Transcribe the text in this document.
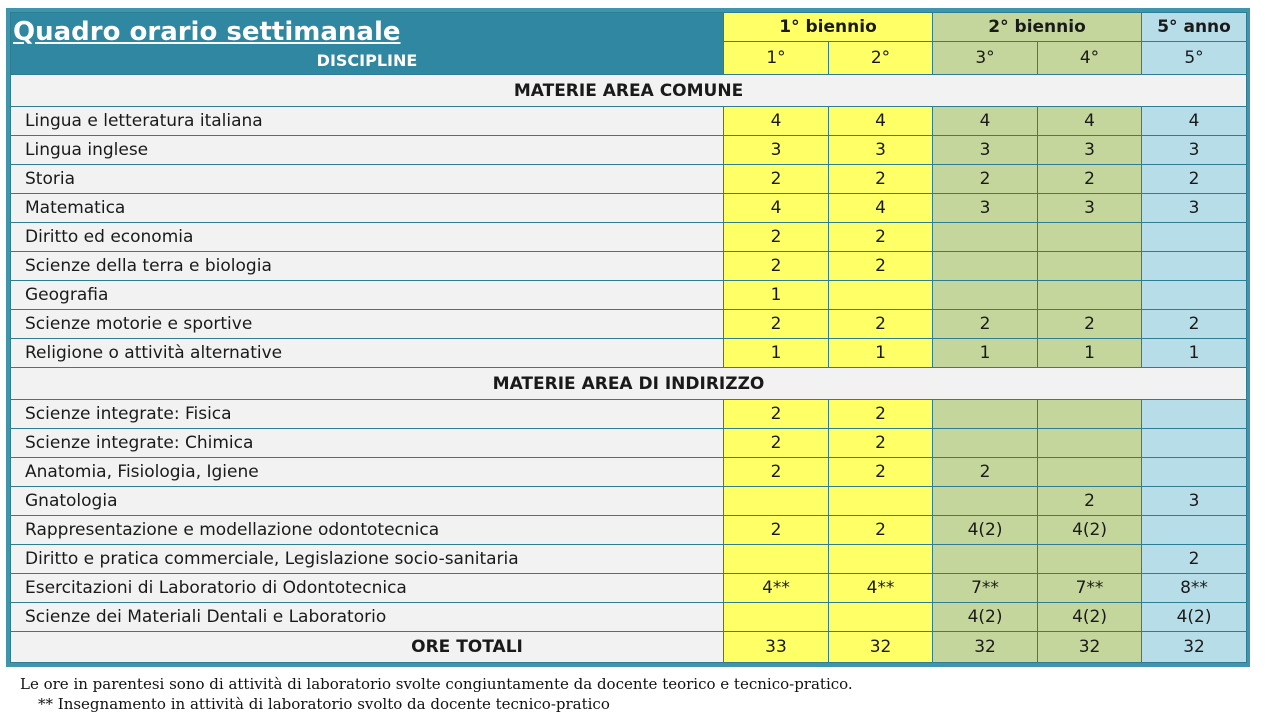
Quadro orario settimanale
DISCIPLINE	1° biennio		2° biennio		5° anno
	1°	2°	3°	4°	5°
MATERIE AREA COMUNE					
Lingua e letteratura italiana	4	4	4	4	4
Lingua inglese	3	3	3	3	3
Storia	2	2	2	2	2
Matematica	4	4	3	3	3
Diritto ed economia	2	2			
Scienze della terra e biologia	2	2			
Geografia	1				
Scienze motorie e sportive	2	2	2	2	2
Religione o attività alternative	1	1	1	1	1
MATERIE AREA DI INDIRIZZO					
Scienze integrate: Fisica	2	2			
Scienze integrate: Chimica	2	2			
Anatomia, Fisiologia, Igiene	2	2	2		
Gnatologia				2	3
Rappresentazione e modellazione odontotecnica	2	2	4(2)	4(2)	
Diritto e pratica commerciale, Legislazione socio-sanitaria					2
Esercitazioni di Laboratorio di Odontotecnica	4**	4**	7**	7**	8**
Scienze dei Materiali Dentali e Laboratorio			4(2)	4(2)	4(2)
ORE TOTALI	33	32	32	32	32
Le ore in parentesi sono di attività di laboratorio svolte congiuntamente da docente teorico e tecnico-pratico.
** Insegnamento in attività di laboratorio svolto da docente tecnico-pratico
